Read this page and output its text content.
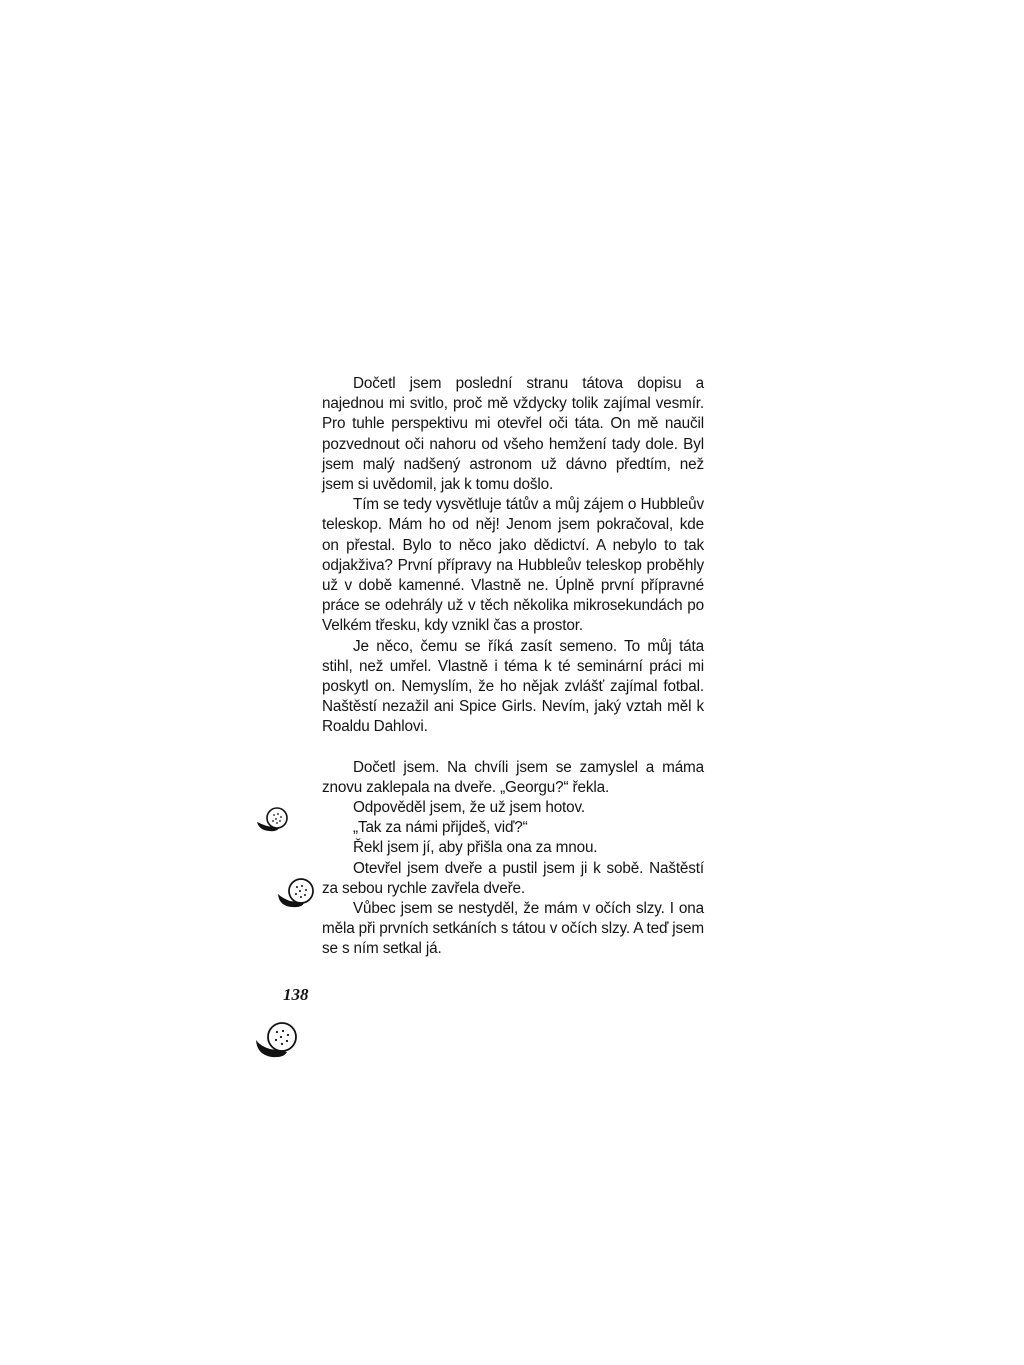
Dočetl jsem poslední stranu tátova dopisu a najednou mi svitlo, proč mě vždycky tolik zajímal vesmír. Pro tuhle perspektivu mi otevřel oči táta. On mě naučil pozvednout oči nahoru od všeho hemžení tady dole. Byl jsem malý nadšený astronom už dávno předtím, než jsem si uvědomil, jak k tomu došlo.

Tím se tedy vysvětluje tátův a můj zájem o Hubbleův teleskop. Mám ho od něj! Jenom jsem pokračoval, kde on přestal. Bylo to něco jako dědictví. A nebylo to tak odjakživa? První přípravy na Hubbleův teleskop proběhly už v době kamenné. Vlastně ne. Úplně první přípravné práce se odehrály už v těch několika mikrosekundách po Velkém třesku, kdy vznikl čas a prostor.

Je něco, čemu se říká zasít semeno. To můj táta stihl, než umřel. Vlastně i téma k té seminární práci mi poskytl on. Nemyslím, že ho nějak zvlášť zajímal fotbal. Naštěstí nezažil ani Spice Girls. Nevím, jaký vztah měl k Roaldu Dahlovi.

Dočetl jsem. Na chvíli jsem se zamyslel a máma znovu zaklepala na dveře. „Georgu?“ řekla.

Odpověděl jsem, že už jsem hotov.

„Tak za námi přijdeš, viď?“

Řekl jsem jí, aby přišla ona za mnou.

Otevřel jsem dveře a pustil jsem ji k sobě. Naštěstí za sebou rychle zavřela dveře.

Vůbec jsem se nestyděl, že mám v očích slzy. I ona měla při prvních setkáních s tátou v očích slzy. A teď jsem se s ním setkal já.

138
